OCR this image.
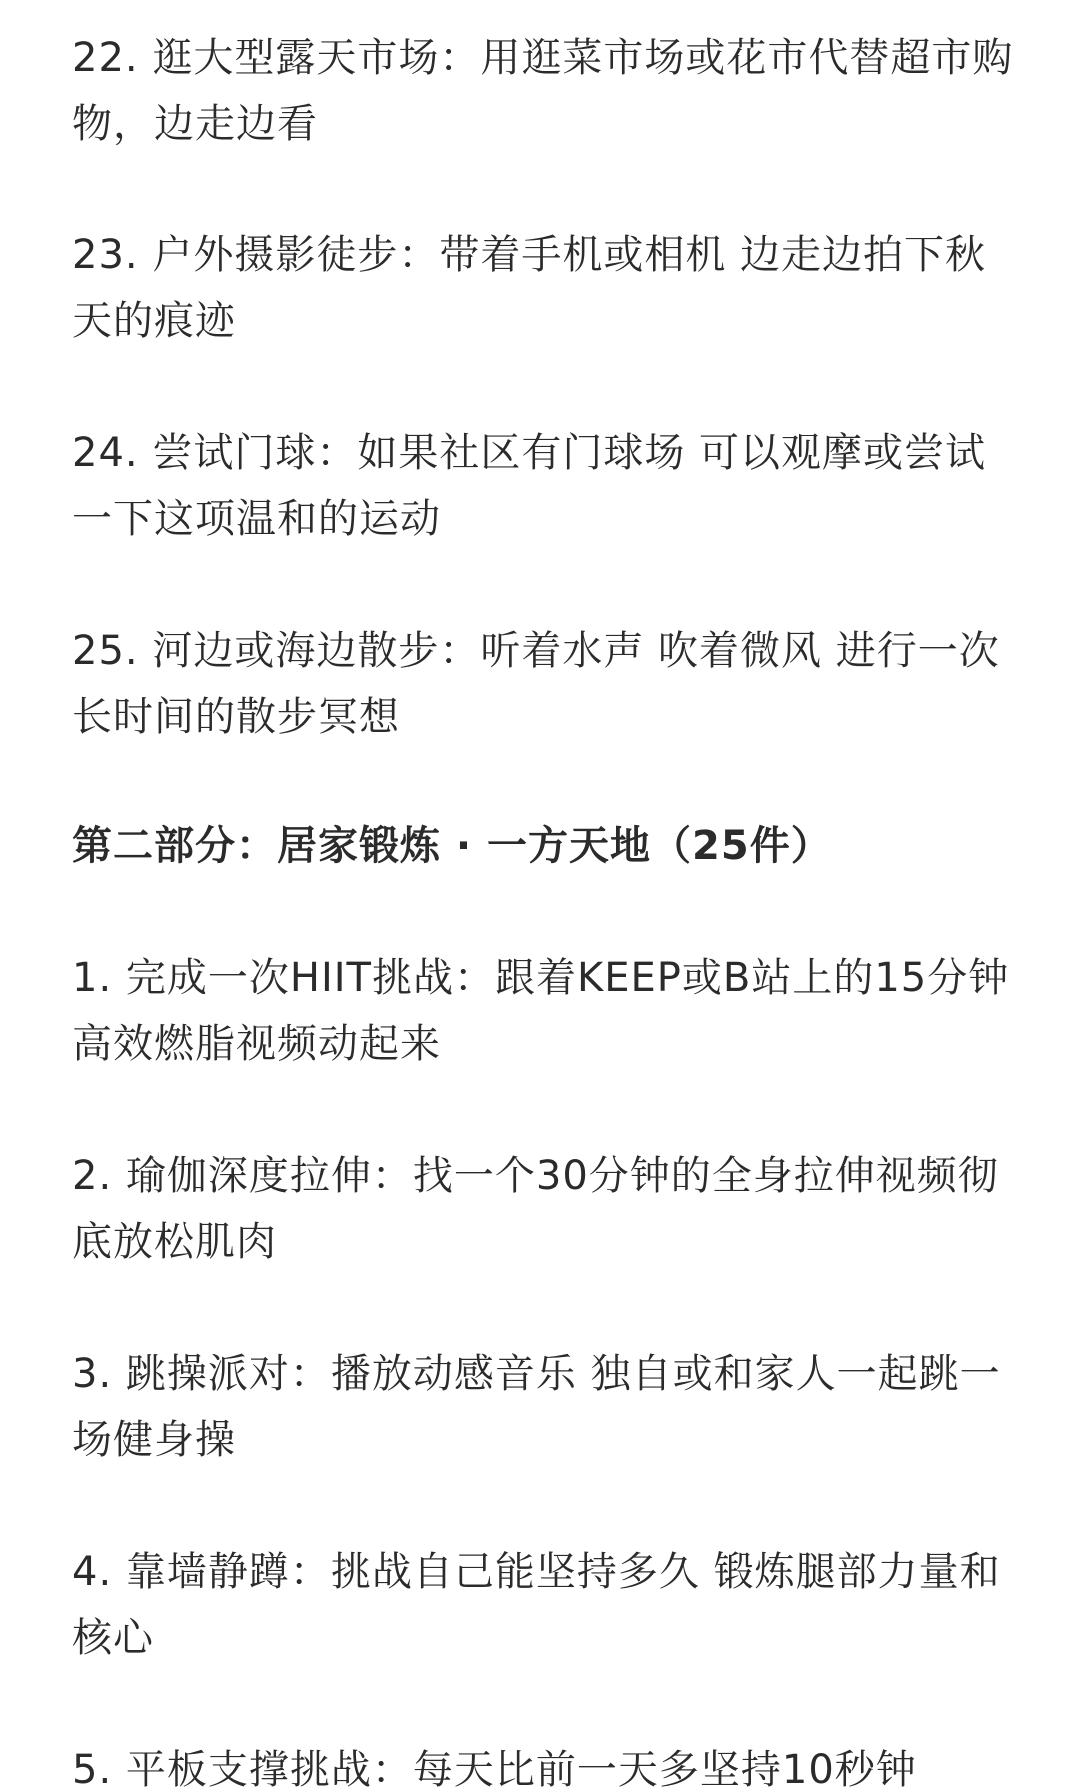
22. 逛大型露天市场：用逛菜市场或花市代替超市购物，边走边看

23. 户外摄影徒步：带着手机或相机 边走边拍下秋天的痕迹

24. 尝试门球：如果社区有门球场 可以观摩或尝试一下这项温和的运动

25. 河边或海边散步：听着水声 吹着微风 进行一次长时间的散步冥想

第二部分：居家锻炼 · 一方天地（25件）

1. 完成一次HIIT挑战：跟着KEEP或B站上的15分钟高效燃脂视频动起来

2. 瑜伽深度拉伸：找一个30分钟的全身拉伸视频彻底放松肌肉

3. 跳操派对：播放动感音乐 独自或和家人一起跳一场健身操

4. 靠墙静蹲：挑战自己能坚持多久 锻炼腿部力量和核心

5. 平板支撑挑战：每天比前一天多坚持10秒钟
